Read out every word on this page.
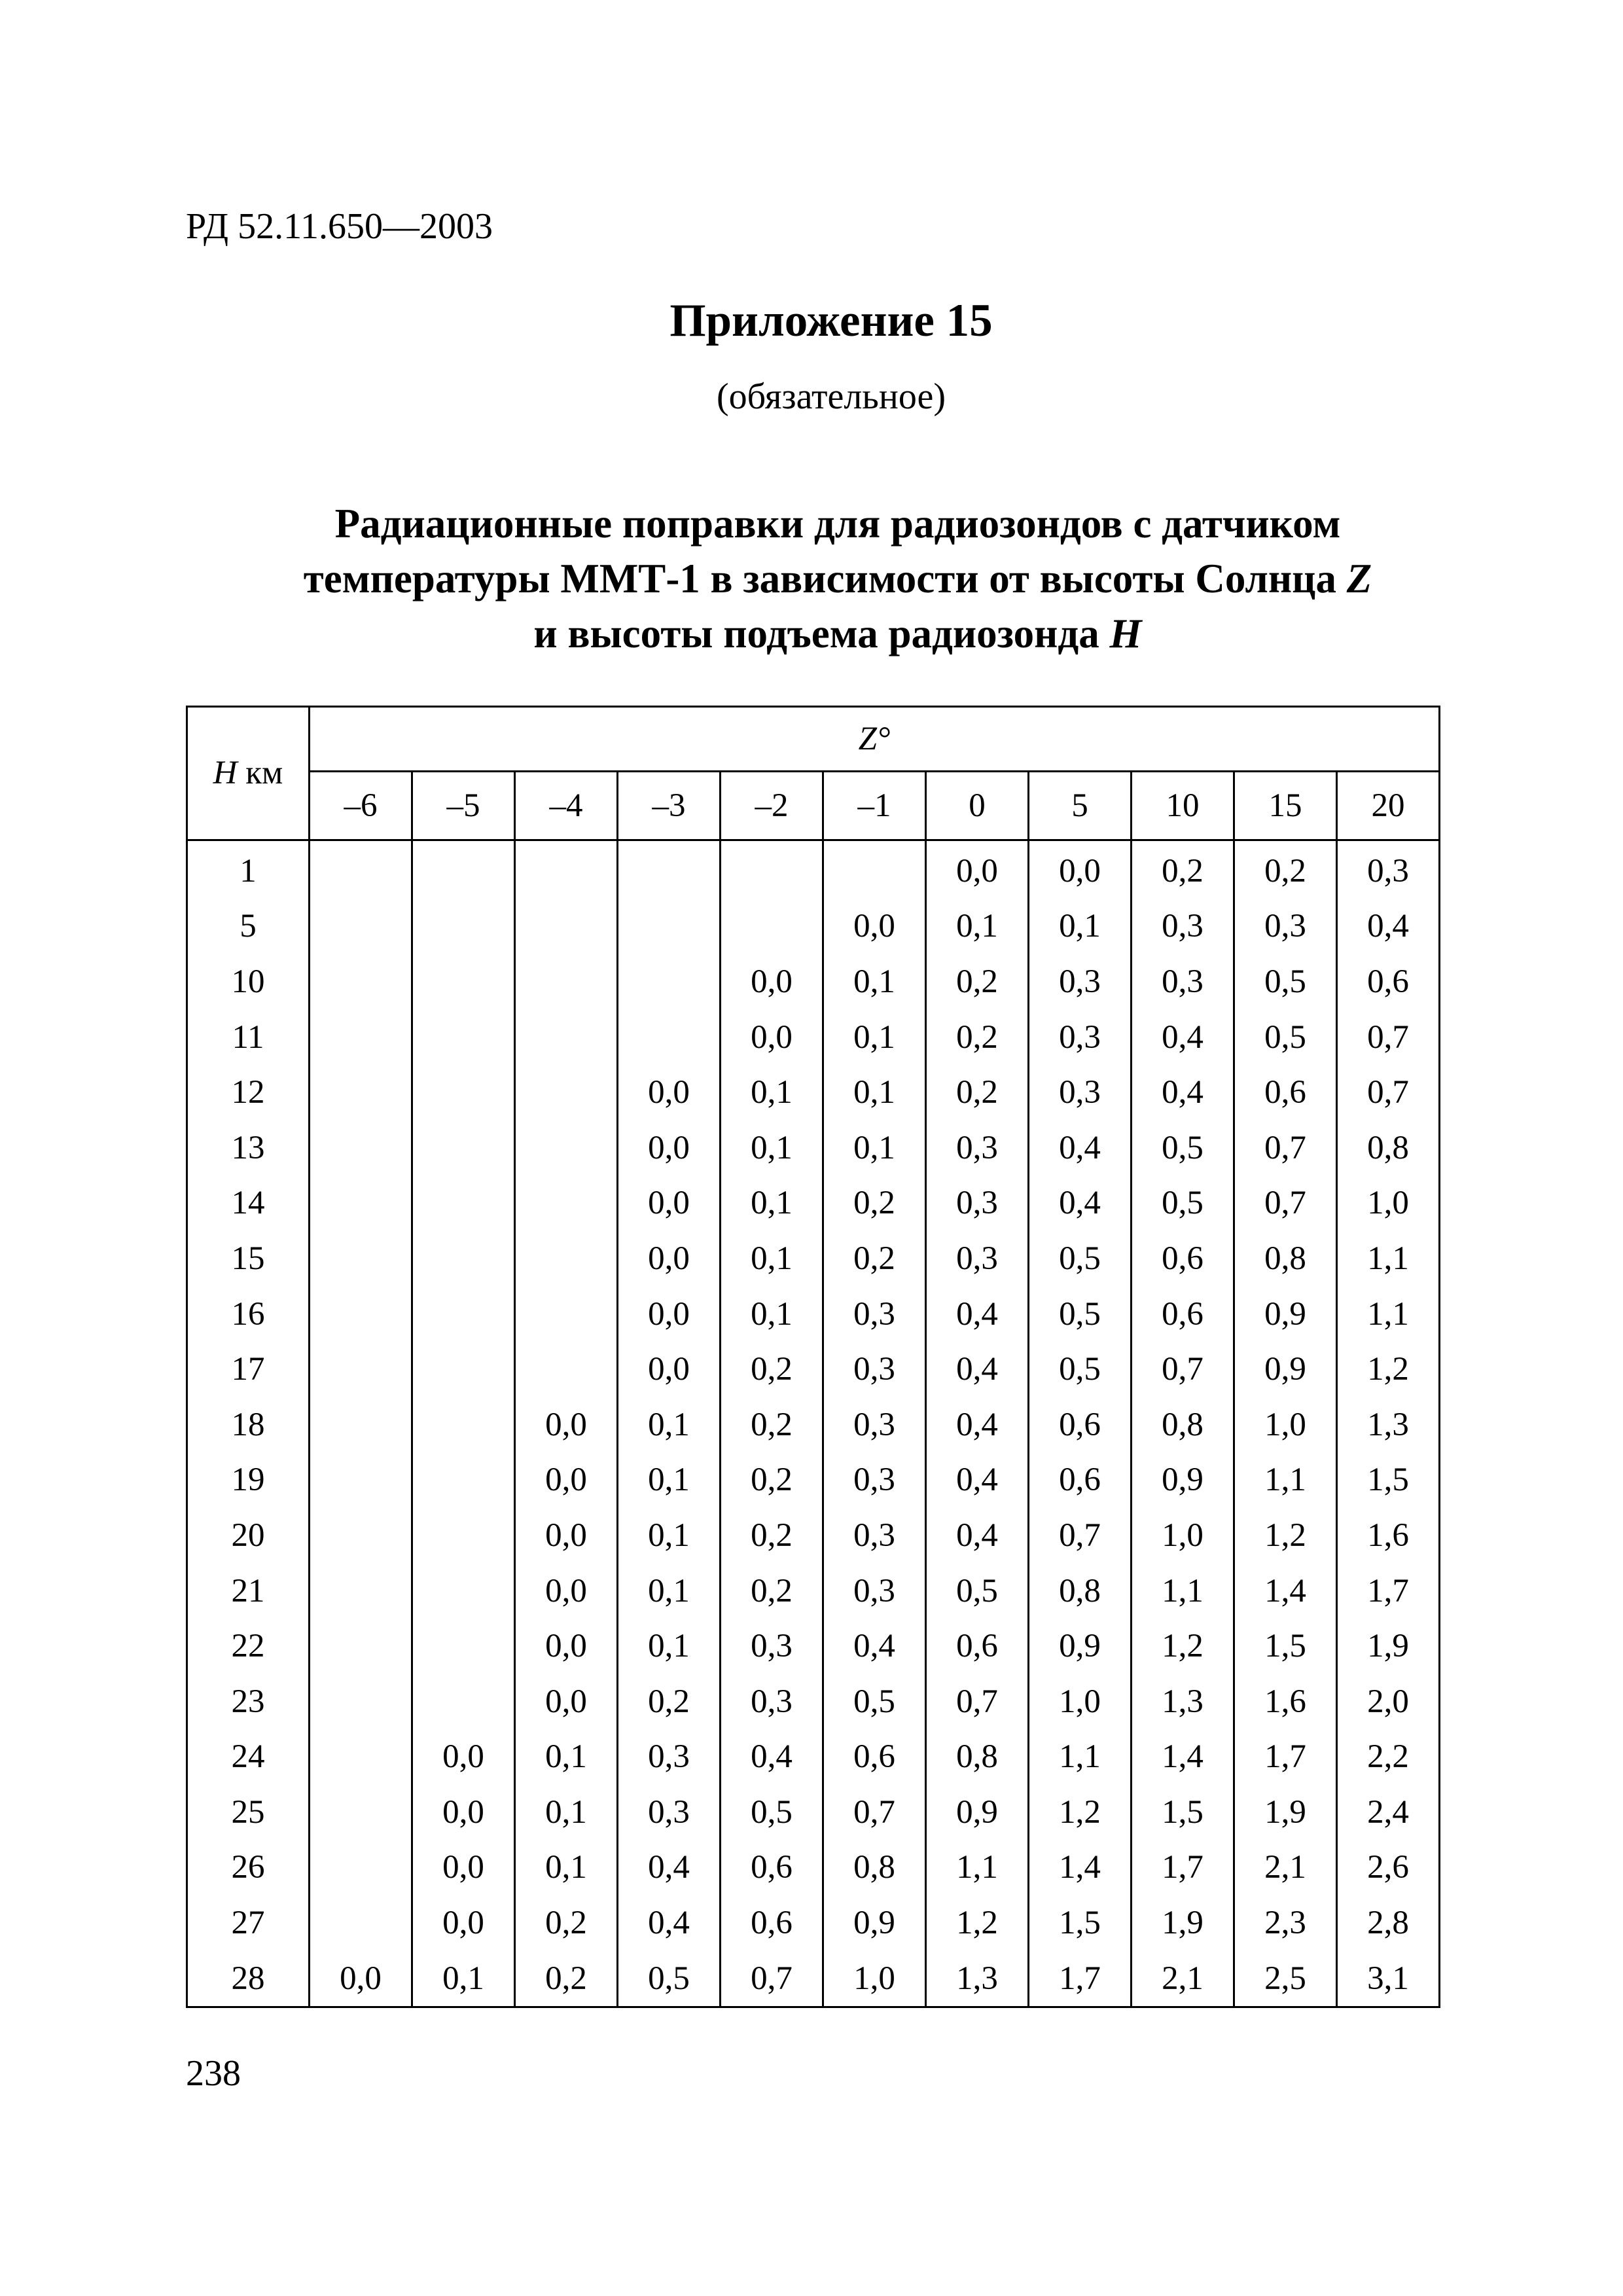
РД 52.11.650—2003
Приложение 15
(обязательное)
Радиационные поправки для радиозондов с датчиком
температуры ММТ-1 в зависимости от высоты Солнца Z
и высоты подъема радиозонда H
H км	Z°										
	–6	–5	–4	–3	–2	–1	0	5	10	15	20
1							0,0	0,0	0,2	0,2	0,3
5						0,0	0,1	0,1	0,3	0,3	0,4
10					0,0	0,1	0,2	0,3	0,3	0,5	0,6
11					0,0	0,1	0,2	0,3	0,4	0,5	0,7
12				0,0	0,1	0,1	0,2	0,3	0,4	0,6	0,7
13				0,0	0,1	0,1	0,3	0,4	0,5	0,7	0,8
14				0,0	0,1	0,2	0,3	0,4	0,5	0,7	1,0
15				0,0	0,1	0,2	0,3	0,5	0,6	0,8	1,1
16				0,0	0,1	0,3	0,4	0,5	0,6	0,9	1,1
17				0,0	0,2	0,3	0,4	0,5	0,7	0,9	1,2
18			0,0	0,1	0,2	0,3	0,4	0,6	0,8	1,0	1,3
19			0,0	0,1	0,2	0,3	0,4	0,6	0,9	1,1	1,5
20			0,0	0,1	0,2	0,3	0,4	0,7	1,0	1,2	1,6
21			0,0	0,1	0,2	0,3	0,5	0,8	1,1	1,4	1,7
22			0,0	0,1	0,3	0,4	0,6	0,9	1,2	1,5	1,9
23			0,0	0,2	0,3	0,5	0,7	1,0	1,3	1,6	2,0
24		0,0	0,1	0,3	0,4	0,6	0,8	1,1	1,4	1,7	2,2
25		0,0	0,1	0,3	0,5	0,7	0,9	1,2	1,5	1,9	2,4
26		0,0	0,1	0,4	0,6	0,8	1,1	1,4	1,7	2,1	2,6
27		0,0	0,2	0,4	0,6	0,9	1,2	1,5	1,9	2,3	2,8
28	0,0	0,1	0,2	0,5	0,7	1,0	1,3	1,7	2,1	2,5	3,1
238
